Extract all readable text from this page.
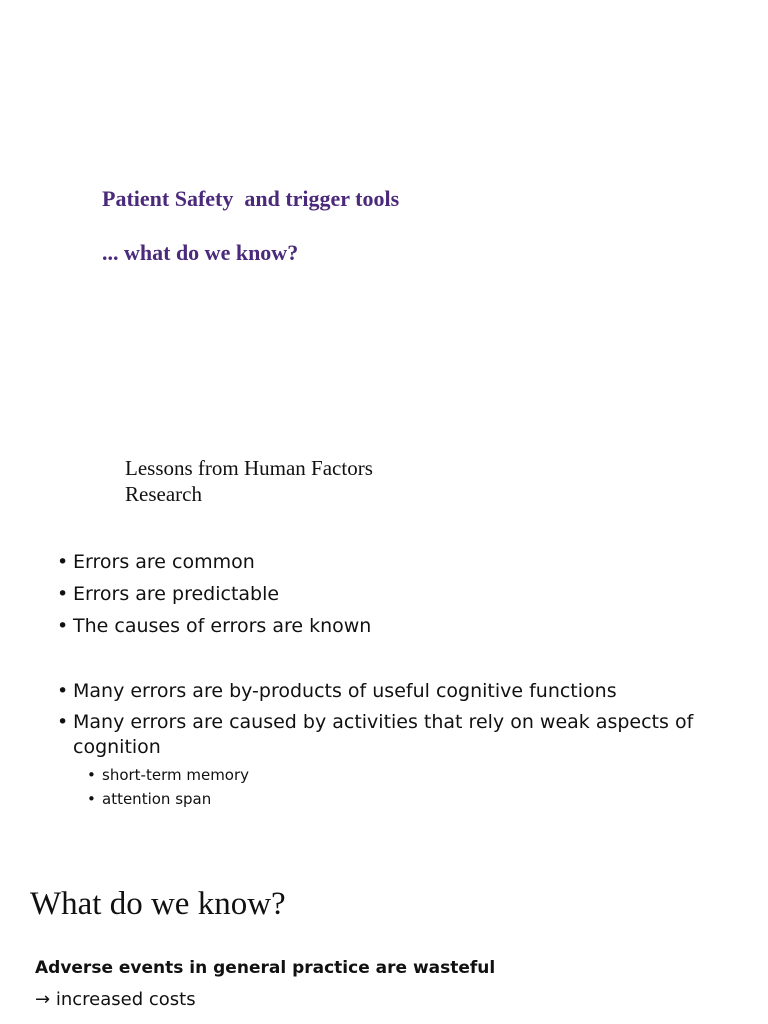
Patient Safety  and trigger tools
... what do we know?
Lessons from Human Factors
Research
• Errors are common
• Errors are predictable
• The causes of errors are known
• Many errors are by-products of useful cognitive functions
• Many errors are caused by activities that rely on weak aspects of cognition
• short-term memory
• attention span
What do we know?
Adverse events in general practice are wasteful
→ increased costs
